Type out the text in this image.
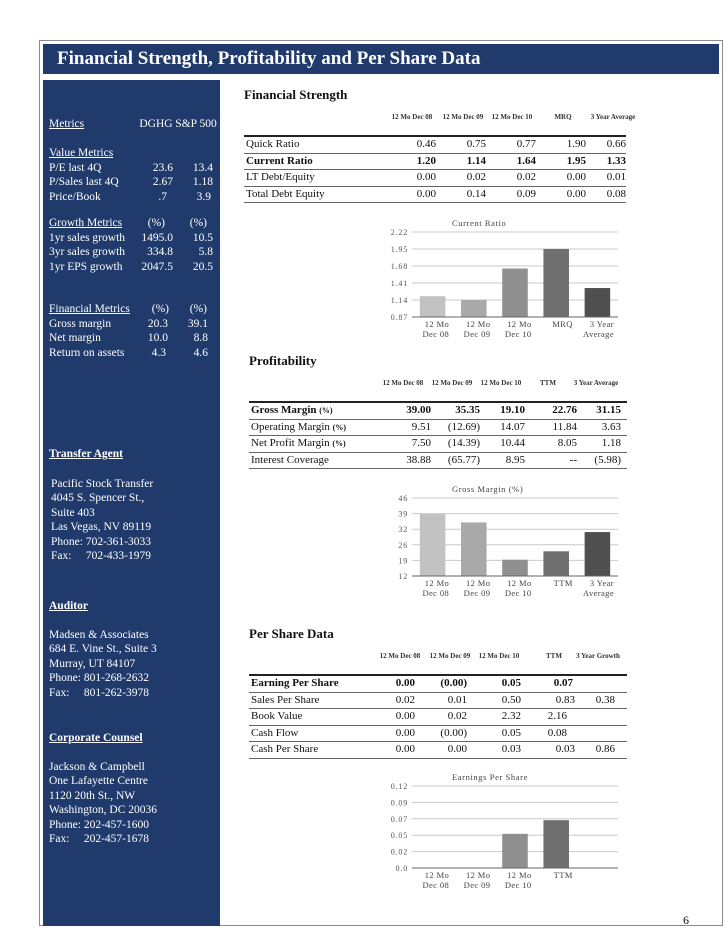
Financial Strength, Profitability and Per Share Data
Metrics	DGHG S&P 500
Value Metrics
P/E last 4Q	23.6	13.4
P/Sales last 4Q	2.67	1.18
Price/Book	.7	3.9
Growth Metrics	(%)	(%)
1yr sales growth	1495.0	10.5
3yr sales growth	334.8	5.8
1yr EPS growth	2047.5	20.5
Financial Metrics	(%)	(%)
Gross margin	20.3	39.1
Net margin	10.0	8.8
Return on assets	4.3	4.6
Transfer Agent
Pacific Stock Transfer
4045 S. Spencer St.,
Suite 403
Las Vegas, NV 89119
Phone: 702-361-3033
Fax:     702-433-1979
Auditor
Madsen & Associates
684 E. Vine St., Suite 3
Murray, UT 84107
Phone: 801-268-2632
Fax:     801-262-3978
Corporate Counsel
Jackson & Campbell
One Lafayette Centre
1120 20th St., NW
Washington, DC 20036
Phone: 202-457-1600
Fax:     202-457-1678
Financial Strength
12 Mo Dec 08	12 Mo Dec 09	12 Mo Dec 10	MRQ	3 Year Average
Quick Ratio	0.46	0.75	0.77	1.90	0.66
Current Ratio	1.20	1.14	1.64	1.95	1.33
LT Debt/Equity	0.00	0.02	0.02	0.00	0.01
Total Debt Equity	0.00	0.14	0.09	0.00	0.08
Current Ratio
0.87
1.14
1.41
1.68
1.95
2.22
12 Mo
Dec 08
12 Mo
Dec 09
12 Mo
Dec 10
MRQ 3 Year
Average
Profitability
12 Mo Dec 08	12 Mo Dec 09	12 Mo Dec 10	TTM	3 Year Average
Gross Margin (%)	39.00	35.35	19.10	22.76	31.15
Operating Margin (%)	9.51	(12.69)	14.07	11.84	3.63
Net Profit Margin (%)	7.50	(14.39)	10.44	8.05	1.18
Interest Coverage	38.88	(65.77)	8.95	--	(5.98)
Gross Margin (%)
12
19
26
32
39
46
12 Mo
Dec 08
12 Mo
Dec 09
12 Mo
Dec 10
TTM 3 Year
Average
Per Share Data
12 Mo Dec 08	12 Mo Dec 09	12 Mo Dec 10	TTM	3 Year Growth
Earning Per Share	0.00	(0.00)	0.05	0.07
Sales Per Share	0.02	0.01	0.50	0.83	0.38
Book Value	0.00	0.02	2.32	2.16
Cash Flow	0.00	(0.00)	0.05	0.08
Cash Per Share	0.00	0.00	0.03	0.03	0.86
Earnings Per Share
0.0
0.02
0.05
0.07
0.09
0.12
12 Mo
Dec 08
12 Mo
Dec 09
12 Mo
Dec 10
TTM
6
